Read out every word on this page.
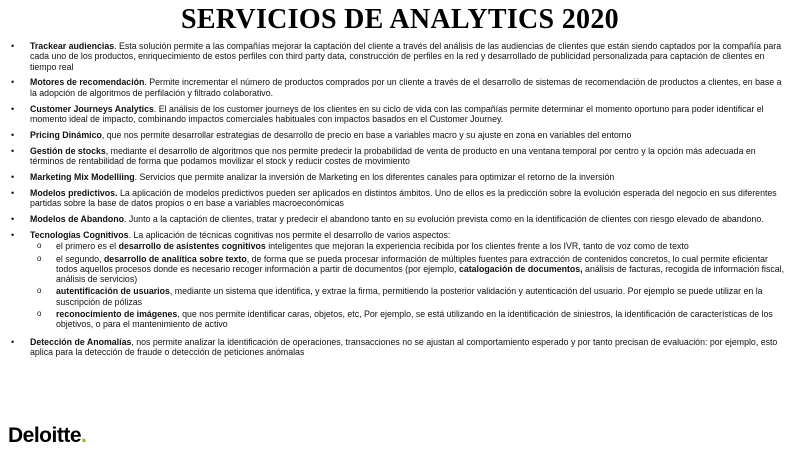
SERVICIOS DE ANALYTICS 2020
• Trackear audiencias. Esta solución permite a las compañías mejorar la captación del cliente a través del análisis de las audiencias de clientes que están siendo captados por la compañía para cada uno de los productos, enriquecimiento de estos perfiles con third party data, construcción de perfiles en la red y desarrollado de publicidad personalizada para captación de clientes en tiempo real
• Motores de recomendación. Permite incrementar el número de productos comprados por un cliente a través de el desarrollo de sistemas de recomendación de productos a clientes, en base a la adopción de algoritmos de perfilación y filtrado colaborativo.
• Customer Journeys Analytics. El análisis de los customer journeys de los clientes en su ciclo de vida con las compañías permite determinar el momento oportuno para poder identificar el momento ideal de impacto, combinando impactos comerciales habituales con impactos basados en el Customer Journey.
• Pricing Dinámico, que nos permite desarrollar estrategias de desarrollo de precio en base a variables macro y su ajuste en zona en variables del entorno
• Gestión de stocks, mediante el desarrollo de algoritmos que nos permite predecir la probabilidad de venta de producto en una ventana temporal por centro y la opción más adecuada en términos de rentabilidad de forma que podamos movilizar el stock y reducir costes de movimiento
• Marketing Mix Modelliing. Servicios que permite analizar la inversión de Marketing en los diferentes canales para optimizar el retorno de la inversión
• Modelos predictivos. La aplicación de modelos predictivos pueden ser aplicados en distintos ámbitos. Uno de ellos es la predicción sobre la evolución esperada del negocio en sus diferentes partidas sobre la base de datos propios o en base a variables macroeconómicas
• Modelos de Abandono. Junto a la captación de clientes, tratar y predecir el abandono tanto en su evolución prevista como en la identificación de clientes con riesgo elevado de abandono.
• Tecnologías Cognitivos. La aplicación de técnicas cognitivas nos permite el desarrollo de varios aspectos:
o el primero es el desarrollo de asistentes cognitivos inteligentes que mejoran la experiencia recibida por los clientes frente a los IVR, tanto de voz como de texto
o el segundo, desarrollo de analítica sobre texto, de forma que se pueda procesar información de múltiples fuentes para extracción de contenidos concretos, lo cual permite eficientar todos aquellos procesos donde es necesario recoger información a partir de documentos (por ejemplo, catalogación de documentos, análisis de facturas, recogida de información fiscal, análisis de servicios)
o autentificación de usuarios, mediante un sistema que identifica, y extrae la firma, permitiendo la posterior validación y autenticación del usuario. Por ejemplo se puede utilizar en la suscripción de pólizas
o reconocimiento de imágenes, que nos permite identificar caras, objetos, etc, Por ejemplo, se está utilizando en la identificación de siniestros, la identificación de características de los objetivos, o para el mantenimiento de activo
• Detección de Anomalías, nos permite analizar la identificación de operaciones, transacciones no se ajustan al comportamiento esperado y por tanto precisan de evaluación: por ejemplo, esto aplica para la detección de fraude o detección de peticiones anómalas
Deloitte.
